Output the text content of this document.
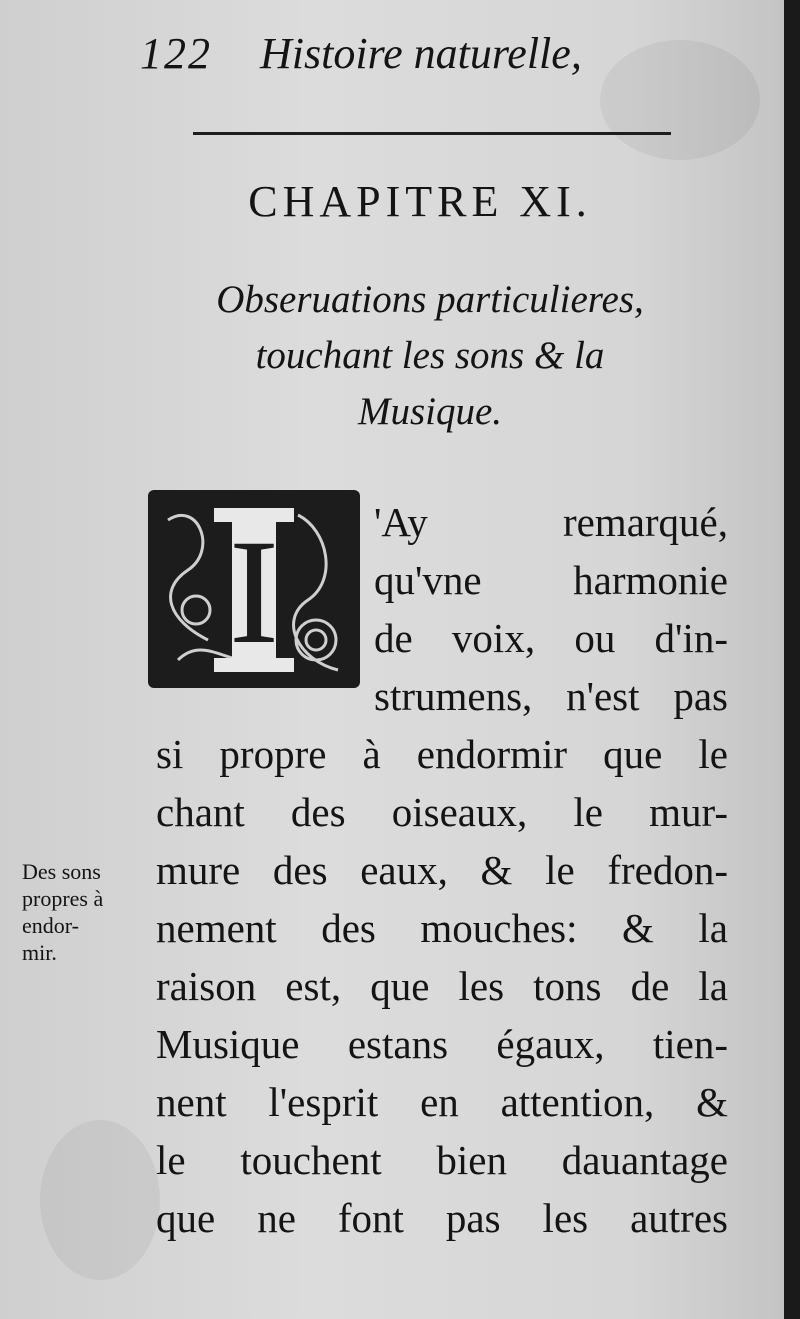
122 Histoire naturelle,
CHAPITRE XI.
Obseruations particulieres,
touchant les sons & la
Musique.
I 'Ay remarqué,
qu'vne harmonie
de voix, ou d'in-
strumens, n'est pas
si propre à endormir que le
chant des oiseaux, le mur-
mure des eaux, & le fredon-
nement des mouches: & la
raison est, que les tons de la
Musique estans égaux, tien-
nent l'esprit en attention, &
le touchent bien dauantage
que ne font pas les autres
Des sons
propres à
endor-
mir.
